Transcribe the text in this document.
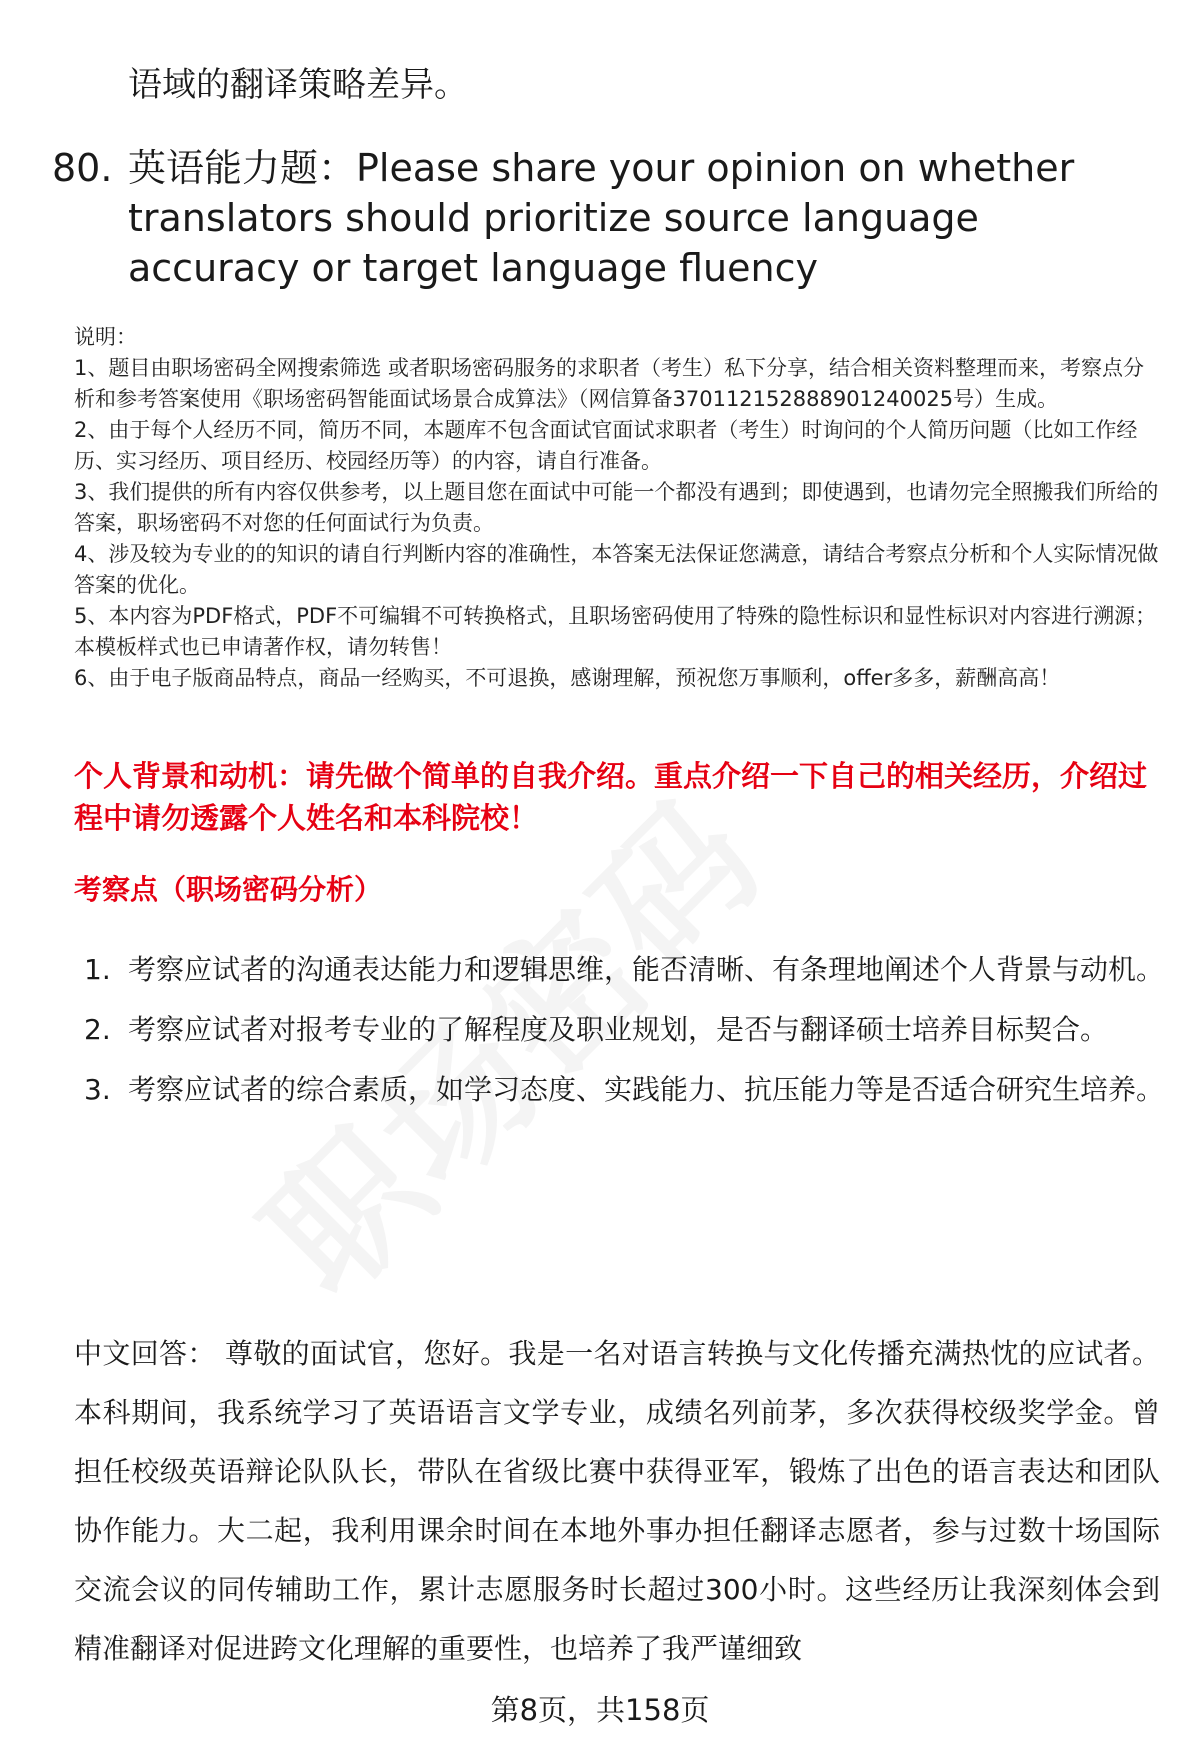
语域的翻译策略差异。

80. 英语能力题：Please share your opinion on whether translators should prioritize source language accuracy or target language fluency
说明：
1、题目由职场密码全网搜索筛选 或者职场密码服务的求职者（考生）私下分享，结合相关资料整理而来，考察点分析和参考答案使用《职场密码智能面试场景合成算法》（网信算备370112152888901240025号）生成。
2、由于每个人经历不同，简历不同，本题库不包含面试官面试求职者（考生）时询问的个人简历问题（比如工作经历、实习经历、项目经历、校园经历等）的内容，请自行准备。
3、我们提供的所有内容仅供参考，以上题目您在面试中可能一个都没有遇到；即使遇到，也请勿完全照搬我们所给的答案，职场密码不对您的任何面试行为负责。
4、涉及较为专业的的知识的请自行判断内容的准确性，本答案无法保证您满意，请结合考察点分析和个人实际情况做答案的优化。
5、本内容为PDF格式，PDF不可编辑不可转换格式，且职场密码使用了特殊的隐性标识和显性标识对内容进行溯源；本模板样式也已申请著作权，请勿转售！
6、由于电子版商品特点，商品一经购买，不可退换，感谢理解，预祝您万事顺利，offer多多，薪酬高高！
个人背景和动机：请先做个简单的自我介绍。重点介绍一下自己的相关经历，介绍过程中请勿透露个人姓名和本科院校！
考察点（职场密码分析）
1. 考察应试者的沟通表达能力和逻辑思维，能否清晰、有条理地阐述个人背景与动机。
2. 考察应试者对报考专业的了解程度及职业规划，是否与翻译硕士培养目标契合。
3. 考察应试者的综合素质，如学习态度、实践能力、抗压能力等是否适合研究生培养。
中文回答： 尊敬的面试官，您好。我是一名对语言转换与文化传播充满热忱的应试者。本科期间，我系统学习了英语语言文学专业，成绩名列前茅，多次获得校级奖学金。曾担任校级英语辩论队队长，带队在省级比赛中获得亚军，锻炼了出色的语言表达和团队协作能力。大二起，我利用课余时间在本地外事办担任翻译志愿者，参与过数十场国际交流会议的同传辅助工作，累计志愿服务时长超过300小时。这些经历让我深刻体会到精准翻译对促进跨文化理解的重要性，也培养了我严谨细致
第8页，共158页
